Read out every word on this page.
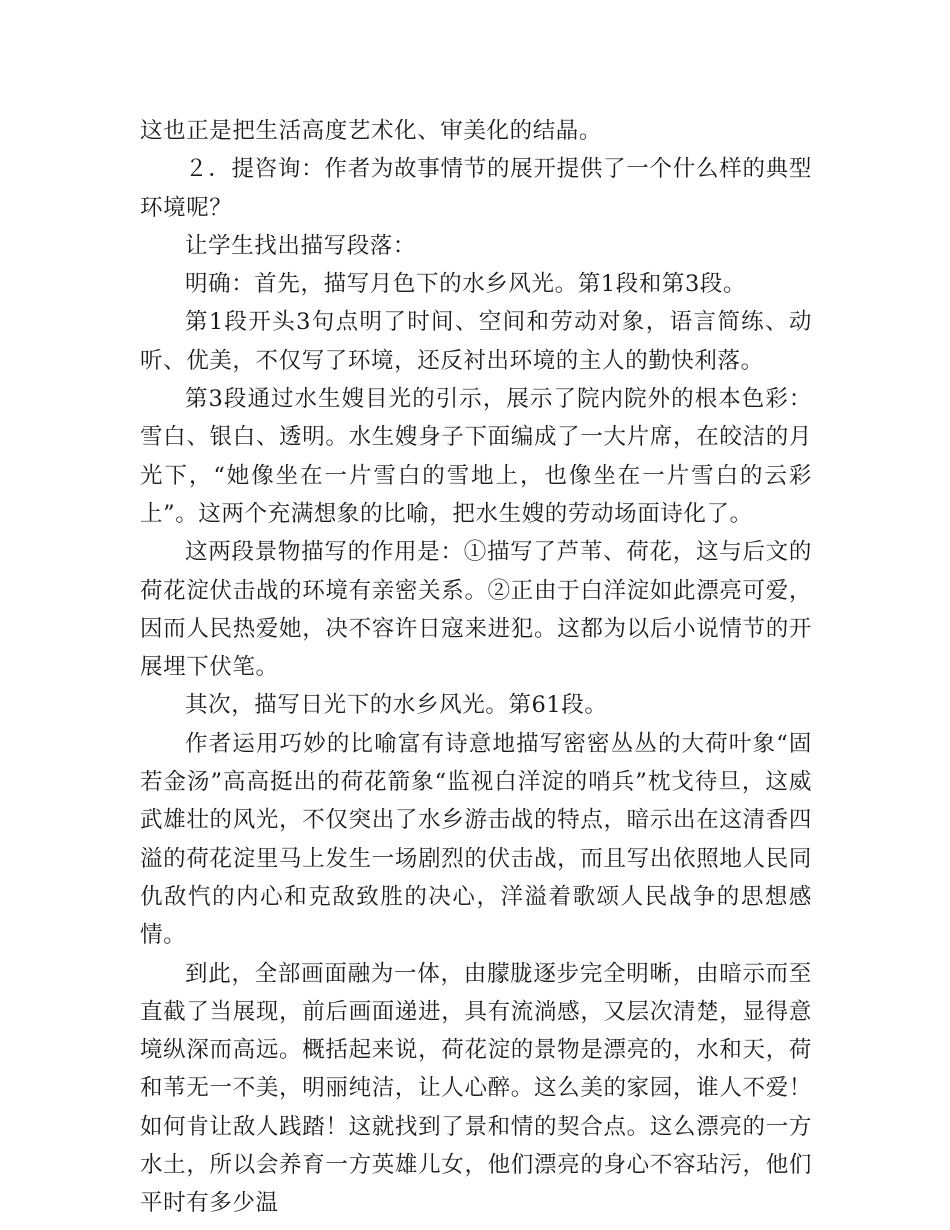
这也正是把生活高度艺术化、审美化的结晶。

２．提咨询：作者为故事情节的展开提供了一个什么样的典型环境呢？

让学生找出描写段落：

明确：首先，描写月色下的水乡风光。第1段和第3段。

第1段开头3句点明了时间、空间和劳动对象，语言简练、动听、优美，不仅写了环境，还反衬出环境的主人的勤快利落。

第3段通过水生嫂目光的引示，展示了院内院外的根本色彩：雪白、银白、透明。水生嫂身子下面编成了一大片席，在皎洁的月光下，“她像坐在一片雪白的雪地上，也像坐在一片雪白的云彩上”。这两个充满想象的比喻，把水生嫂的劳动场面诗化了。

这两段景物描写的作用是：①描写了芦苇、荷花，这与后文的荷花淀伏击战的环境有亲密关系。②正由于白洋淀如此漂亮可爱，因而人民热爱她，决不容许日寇来进犯。这都为以后小说情节的开展埋下伏笔。

其次，描写日光下的水乡风光。第61段。

作者运用巧妙的比喻富有诗意地描写密密丛丛的大荷叶象“固若金汤”高高挺出的荷花箭象“监视白洋淀的哨兵”枕戈待旦，这威武雄壮的风光，不仅突出了水乡游击战的特点，暗示出在这清香四溢的荷花淀里马上发生一场剧烈的伏击战，而且写出依照地人民同仇敌忾的内心和克敌致胜的决心，洋溢着歌颂人民战争的思想感情。

到此，全部画面融为一体，由朦胧逐步完全明晰，由暗示而至直截了当展现，前后画面递进，具有流淌感，又层次清楚，显得意境纵深而高远。概括起来说，荷花淀的景物是漂亮的，水和天，荷和苇无一不美，明丽纯洁，让人心醉。这么美的家园，谁人不爱！如何肯让敌人践踏！这就找到了景和情的契合点。这么漂亮的一方水土，所以会养育一方英雄儿女，他们漂亮的身心不容玷污，他们平时有多少温
